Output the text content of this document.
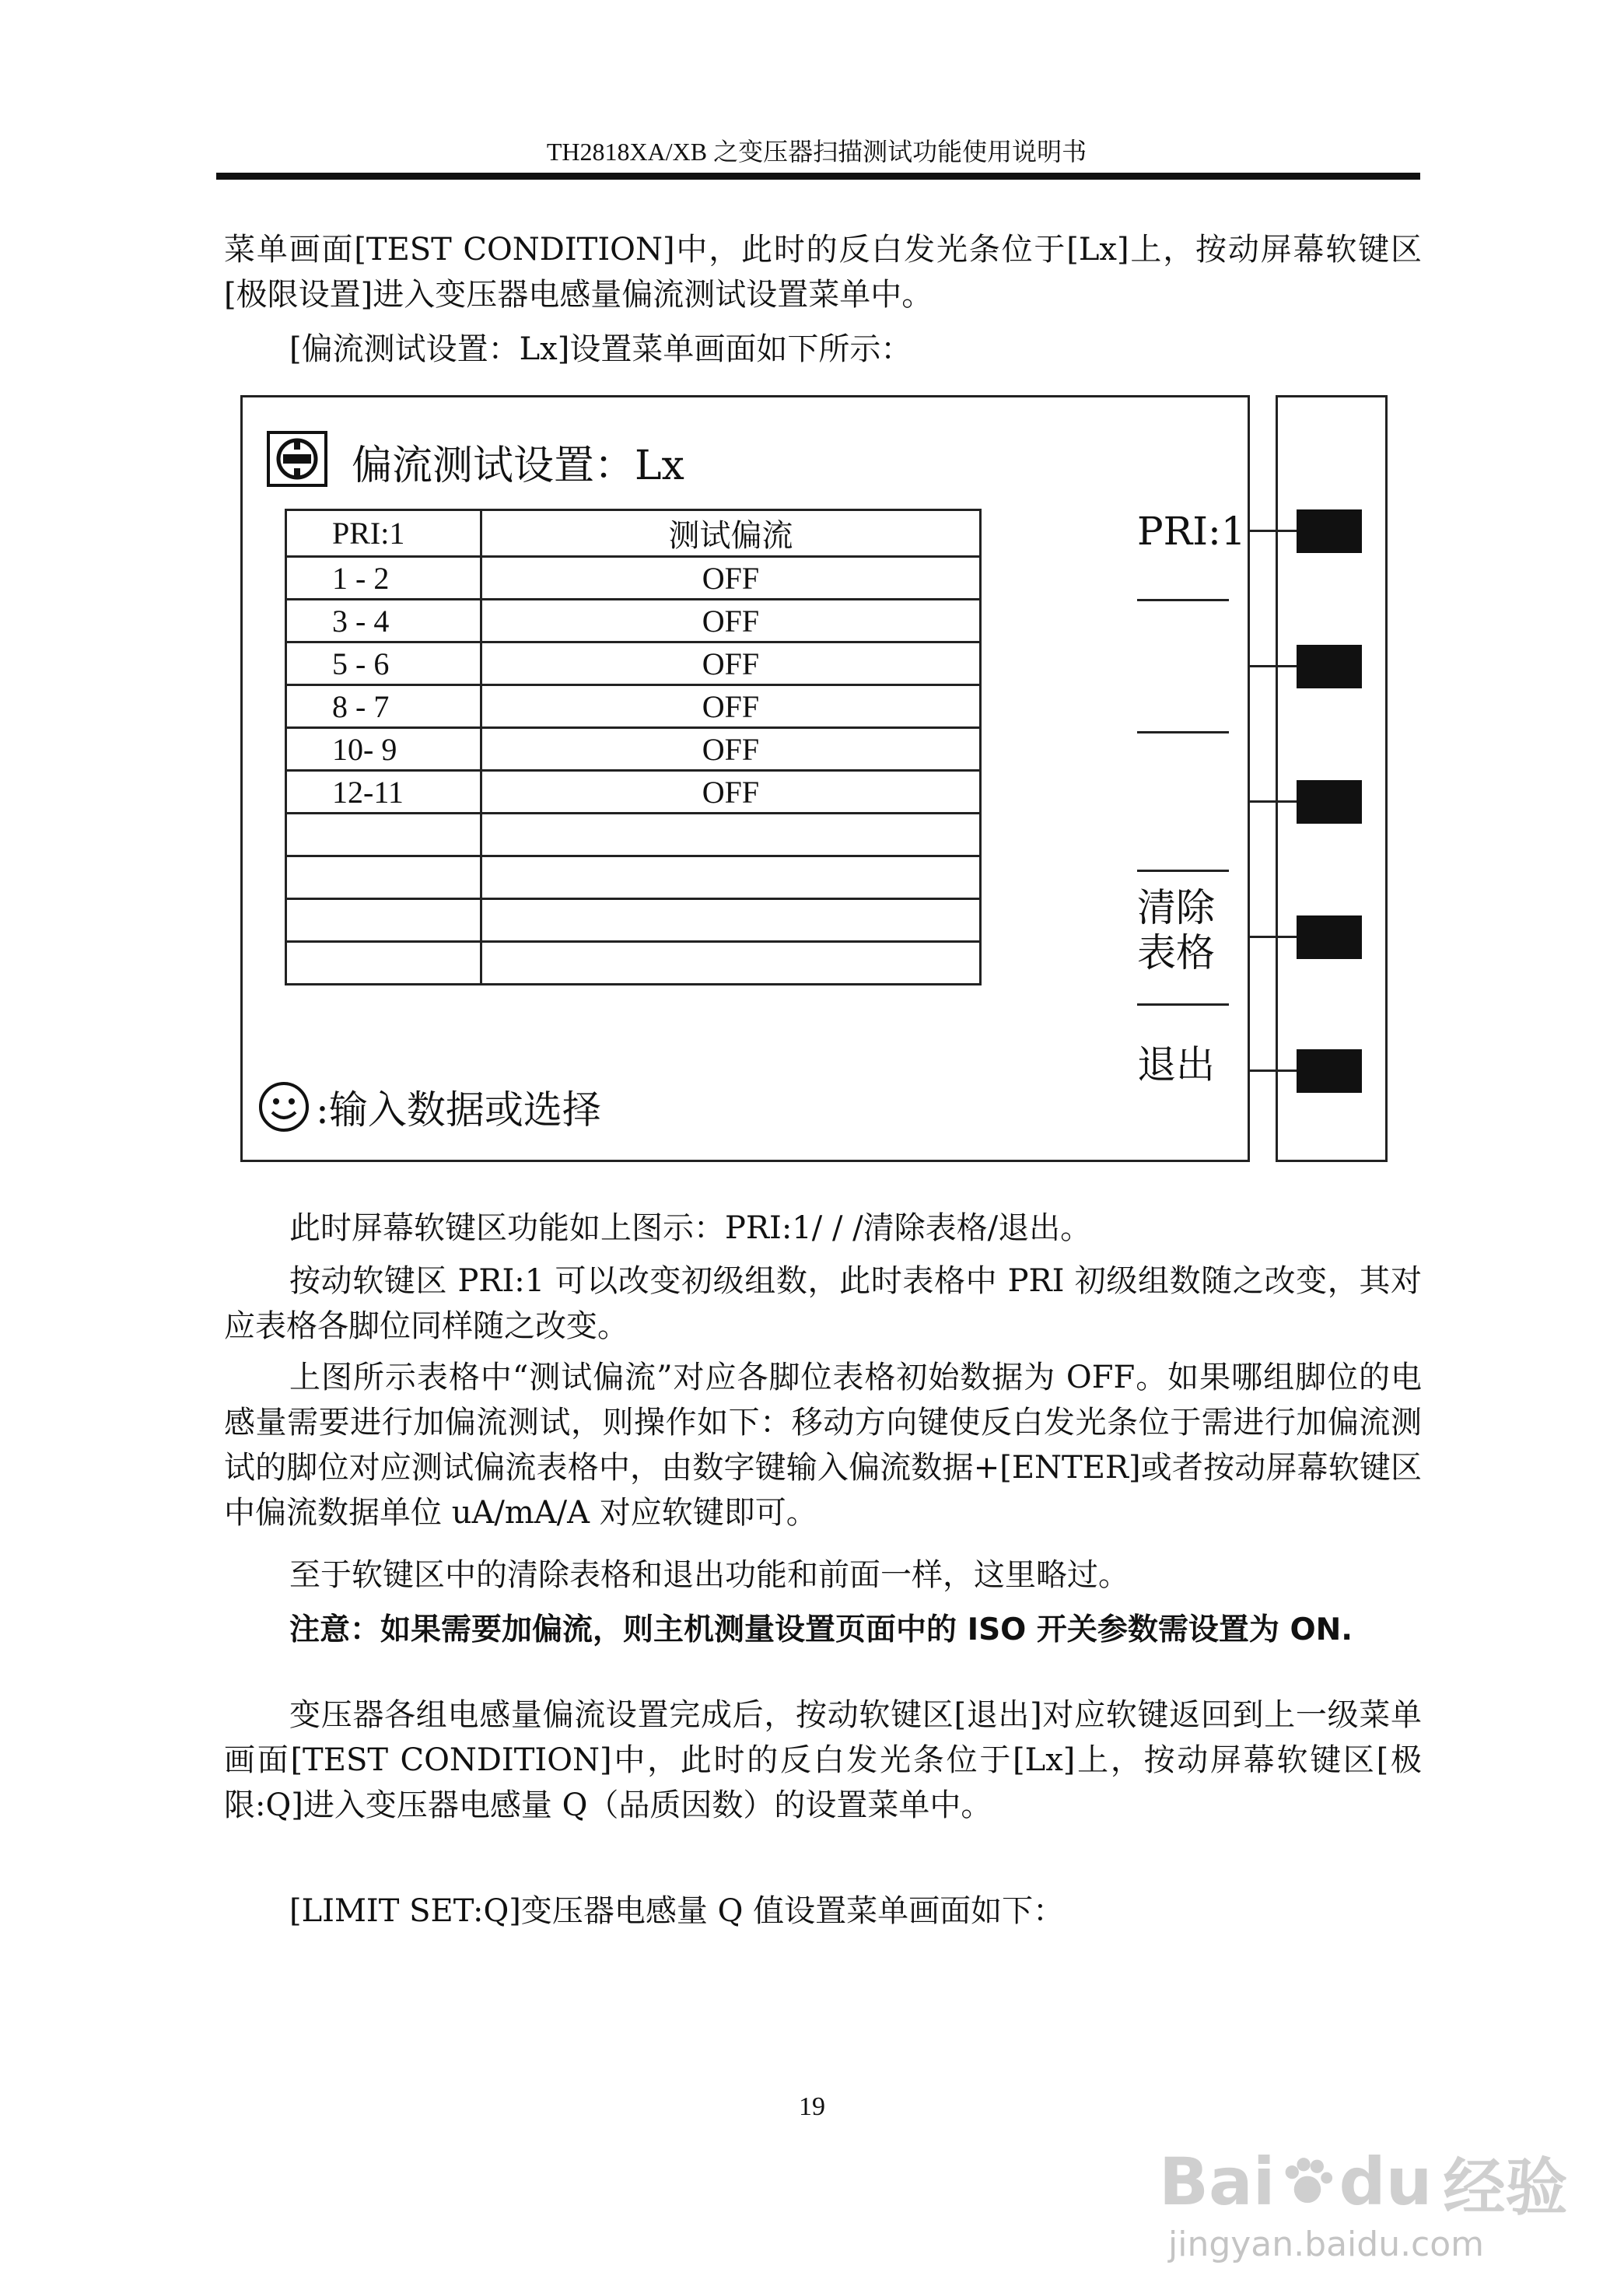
TH2818XA/XB 之变压器扫描测试功能使用说明书

菜单画面[TEST CONDITION]中，此时的反白发光条位于[Lx]上，按动屏幕软键区[极限设置]进入变压器电感量偏流测试设置菜单中。

[偏流测试设置：Lx]设置菜单画面如下所示：

偏流测试设置：Lx
PRI:1	测试偏流
1 - 2	OFF
3 - 4	OFF
5 - 6	OFF
8 - 7	OFF
10- 9	OFF
12-11	OFF

:输入数据或选择
PRI:1
清除
表格
退出

此时屏幕软键区功能如上图示：PRI:1/ / /清除表格/退出。

按动软键区 PRI:1 可以改变初级组数，此时表格中 PRI 初级组数随之改变，其对应表格各脚位同样随之改变。

上图所示表格中“测试偏流”对应各脚位表格初始数据为 OFF。如果哪组脚位的电感量需要进行加偏流测试，则操作如下：移动方向键使反白发光条位于需进行加偏流测试的脚位对应测试偏流表格中，由数字键输入偏流数据+[ENTER]或者按动屏幕软键区中偏流数据单位 uA/mA/A 对应软键即可。

至于软键区中的清除表格和退出功能和前面一样，这里略过。

注意：如果需要加偏流，则主机测量设置页面中的 ISO 开关参数需设置为 ON.

变压器各组电感量偏流设置完成后，按动软键区[退出]对应软键返回到上一级菜单画面[TEST CONDITION]中，此时的反白发光条位于[Lx]上，按动屏幕软键区[极限:Q]进入变压器电感量 Q（品质因数）的设置菜单中。

[LIMIT SET:Q]变压器电感量 Q 值设置菜单画面如下：

19
Bai du 经验
jingyan.baidu.com
